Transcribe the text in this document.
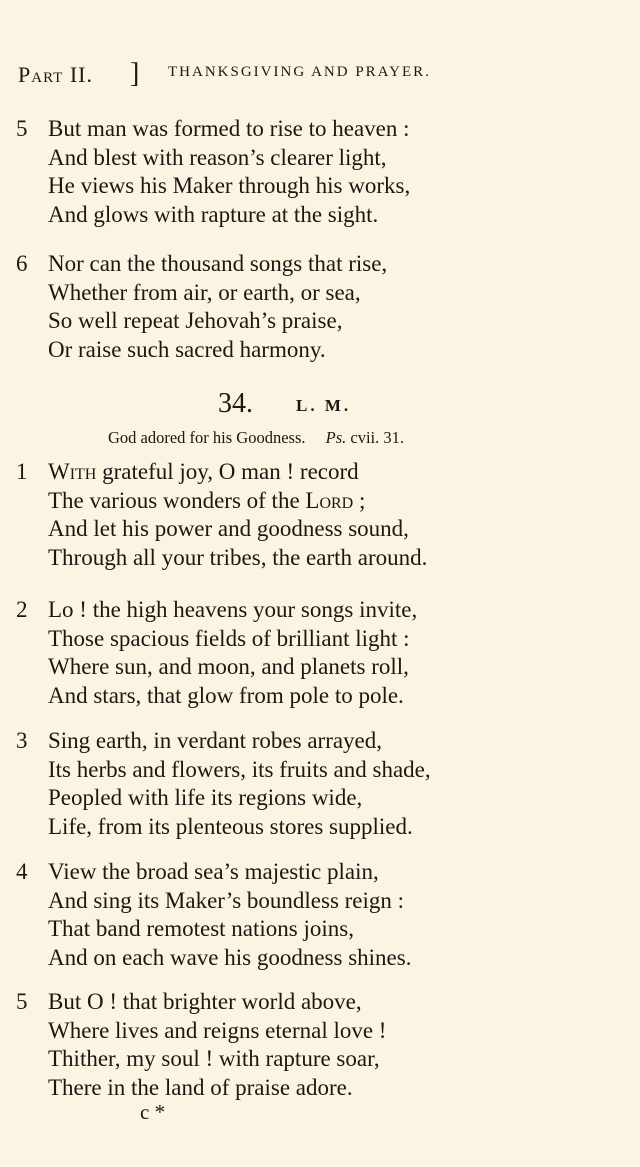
Part II. ] THANKSGIVING AND PRAYER.
5 But man was formed to rise to heaven :
And blest with reason’s clearer light,
He views his Maker through his works,
And glows with rapture at the sight.
6 Nor can the thousand songs that rise,
Whether from air, or earth, or sea,
So well repeat Jehovah’s praise,
Or raise such sacred harmony.
34.	L. M.
God adored for his Goodness. Ps. cvii. 31.
1 With grateful joy, O man ! record
The various wonders of the Lord ;
And let his power and goodness sound,
Through all your tribes, the earth around.
2 Lo ! the high heavens your songs invite,
Those spacious fields of brilliant light :
Where sun, and moon, and planets roll,
And stars, that glow from pole to pole.
3 Sing earth, in verdant robes arrayed,
Its herbs and flowers, its fruits and shade,
Peopled with life its regions wide,
Life, from its plenteous stores supplied.
4 View the broad sea’s majestic plain,
And sing its Maker’s boundless reign :
That band remotest nations joins,
And on each wave his goodness shines.
5 But O ! that brighter world above,
Where lives and reigns eternal love !
Thither, my soul ! with rapture soar,
There in the land of praise adore.
c *
